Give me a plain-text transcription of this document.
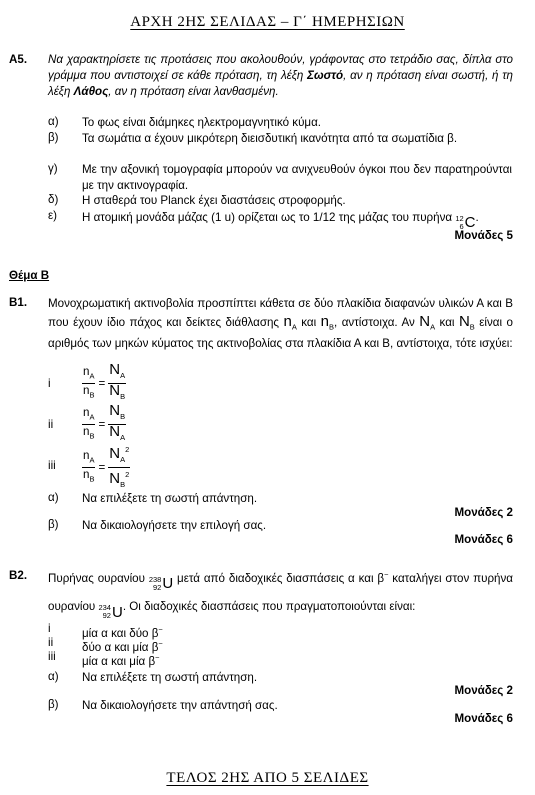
ΑΡΧΗ 2ΗΣ ΣΕΛΙΔΑΣ – Γ΄ ΗΜΕΡΗΣΙΩΝ
Α5. Να χαρακτηρίσετε τις προτάσεις που ακολουθούν, γράφοντας στο τετράδιο σας, δίπλα στο γράμμα που αντιστοιχεί σε κάθε πρόταση, τη λέξη Σωστό, αν η πρόταση είναι σωστή, ή τη λέξη Λάθος, αν η πρόταση είναι λανθασμένη.
α) Το φως είναι διάμηκες ηλεκτρομαγνητικό κύμα.
β) Τα σωμάτια α έχουν μικρότερη διεισδυτική ικανότητα από τα σωματίδια β.
γ) Με την αξονική τομογραφία μπορούν να ανιχνευθούν όγκοι που δεν παρατηρούνται με την ακτινογραφία.
δ) Η σταθερά του Planck έχει διαστάσεις στροφορμής.
ε) Η ατομική μονάδα μάζας (1 u) ορίζεται ως το 1/12 της μάζας του πυρήνα 12
6 C .
Μονάδες 5
Θέμα Β
Β1. Μονοχρωματική ακτινοβολία προσπίπτει κάθετα σε δύο πλακίδια διαφανών υλικών Α και Β που έχουν ίδιο πάχος και δείκτες διάθλασης $n_A$ και $n_B$, αντίστοιχα. Αν $N_A$ και $N_B$ είναι ο αριθμός των μηκών κύματος της ακτινοβολίας στα πλακίδια Α και Β, αντίστοιχα, τότε ισχύει:
i	$\frac{n_A}{n_B} = \frac{N_A}{N_B}$
ii $\frac{n_A}{n_B} = \frac{N_B}{N_A}$
iii $\frac{n_A}{n_B} = \frac{N_A^2}{N_B^2}$
α) Να επιλέξετε τη σωστή απάντηση.
Μονάδες 2
β) Να δικαιολογήσετε την επιλογή σας.
Μονάδες 6
Β2. Πυρήνας ουρανίου 238
92 U μετά από διαδοχικές διασπάσεις α και β− καταλήγει στον πυρήνα ουρανίου 234
92 U . Οι διαδοχικές διασπάσεις που πραγματοποιούνται είναι:
i	μία α και δύο β−
ii δύο α και μία β−
iii μία α και μία β−
α) Να επιλέξετε τη σωστή απάντηση.
Μονάδες 2
β) Να δικαιολογήσετε την απάντησή σας.
Μονάδες 6
ΤΕΛΟΣ 2ΗΣ ΑΠΟ 5 ΣΕΛΙΔΕΣ
